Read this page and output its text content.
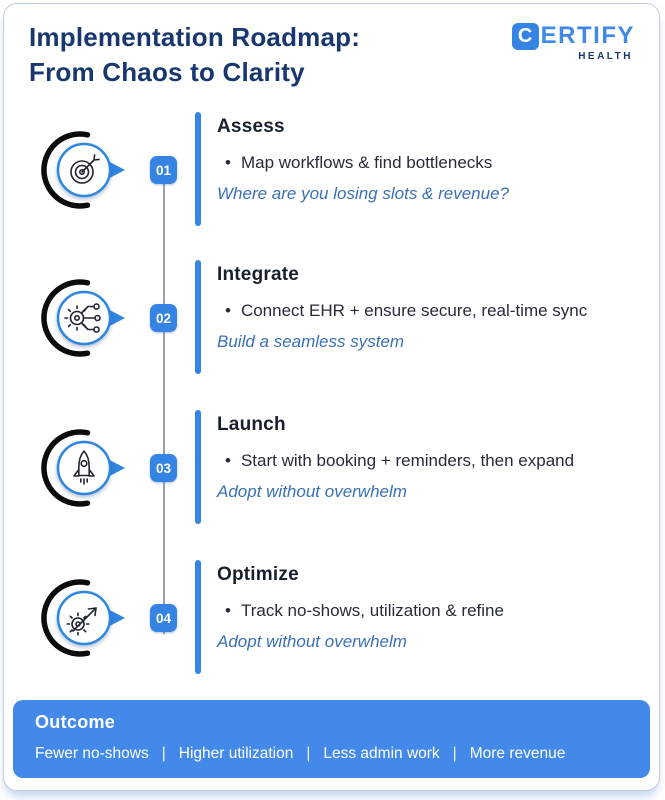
Implementation Roadmap:
From Chaos to Clarity
C ERTIFY
HEALTH
01
Assess
• Map workflows & find bottlenecks
Where are you losing slots & revenue?
02
Integrate
• Connect EHR + ensure secure, real-time sync
Build a seamless system
03
Launch
• Start with booking + reminders, then expand
Adopt without overwhelm
04
Optimize
• Track no-shows, utilization & refine
Adopt without overwhelm
Outcome
Fewer no-shows | Higher utilization | Less admin work | More revenue
